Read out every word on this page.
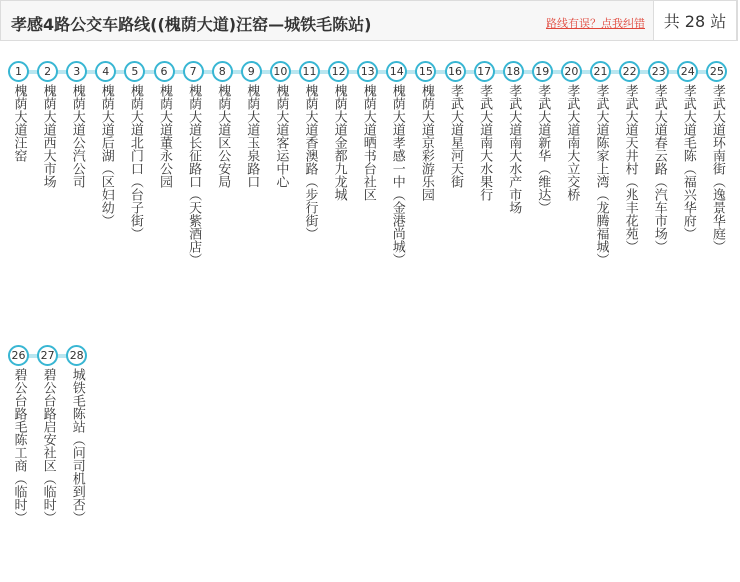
孝感4路公交车路线((槐荫大道)汪窑—城铁毛陈站)	路线有误？点我纠错	共 28 站
1
槐荫大道汪窑
2
槐荫大道西大市场
3
槐荫大道公汽公司
4
槐荫大道后湖（区妇幼）
5
槐荫大道北门口（台子街）
6
槐荫大道董永公园
7
槐荫大道长征路口（天紫酒店）
8
槐荫大道区公安局
9
槐荫大道玉泉路口
10
槐荫大道客运中心
11
槐荫大道香澳路（步行街）
12
槐荫大道金都九龙城
13
槐荫大道晒书台社区
14
槐荫大道孝感一中（金港尚城）
15
槐荫大道京彩游乐园
16
孝武大道星河天街
17
孝武大道南大水果行
18
孝武大道南大水产市场
19
孝武大道新华（维达）
20
孝武大道南大立交桥
21
孝武大道陈家上湾（龙腾福城）
22
孝武大道天井村（兆丰花苑）
23
孝武大道春云路（汽车市场）
24
孝武大道毛陈（福兴华府）
25
孝武大道环南街（逸景华庭）
26
碧公台路毛陈工商（临时）
27
碧公台路启安社区（临时）
28
城铁毛陈站（问司机到否）
